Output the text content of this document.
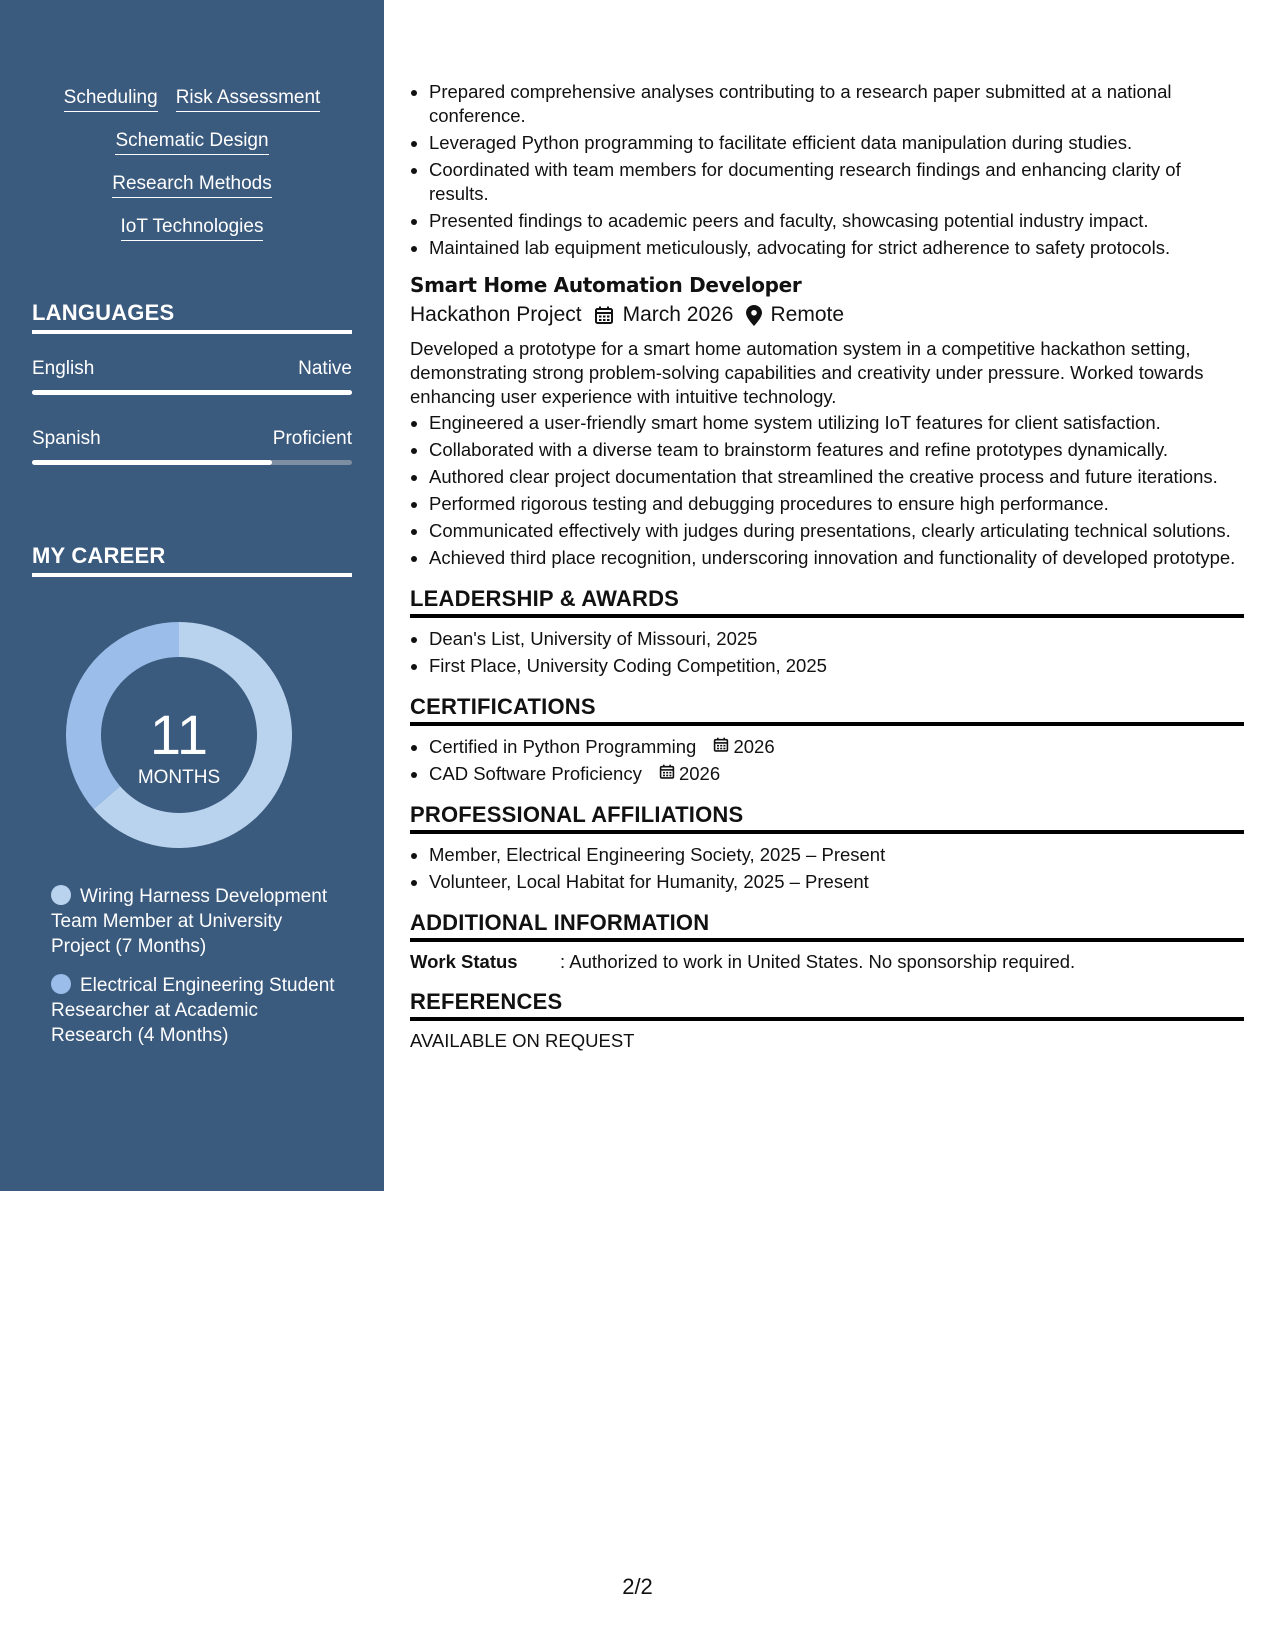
Scheduling Risk Assessment
Schematic Design
Research Methods
IoT Technologies
LANGUAGES
English	Native
Spanish	Proficient
MY CAREER
11
MONTHS
Wiring Harness Development Team Member at University Project (7 Months)
Electrical Engineering Student Researcher at Academic Research (4 Months)
• Prepared comprehensive analyses contributing to a research paper submitted at a national conference.
• Leveraged Python programming to facilitate efficient data manipulation during studies.
• Coordinated with team members for documenting research findings and enhancing clarity of results.
• Presented findings to academic peers and faculty, showcasing potential industry impact.
• Maintained lab equipment meticulously, advocating for strict adherence to safety protocols.
Smart Home Automation Developer
Hackathon Project March 2026 Remote
Developed a prototype for a smart home automation system in a competitive hackathon setting, demonstrating strong problem-solving capabilities and creativity under pressure. Worked towards enhancing user experience with intuitive technology.
• Engineered a user-friendly smart home system utilizing IoT features for client satisfaction.
• Collaborated with a diverse team to brainstorm features and refine prototypes dynamically.
• Authored clear project documentation that streamlined the creative process and future iterations.
• Performed rigorous testing and debugging procedures to ensure high performance.
• Communicated effectively with judges during presentations, clearly articulating technical solutions.
• Achieved third place recognition, underscoring innovation and functionality of developed prototype.
LEADERSHIP & AWARDS
• Dean's List, University of Missouri, 2025
• First Place, University Coding Competition, 2025
CERTIFICATIONS
• Certified in Python Programming 2026
• CAD Software Proficiency 2026
PROFESSIONAL AFFILIATIONS
• Member, Electrical Engineering Society, 2025 – Present
• Volunteer, Local Habitat for Humanity, 2025 – Present
ADDITIONAL INFORMATION
Work Status	: Authorized to work in United States. No sponsorship required.
REFERENCES
AVAILABLE ON REQUEST
2/2
